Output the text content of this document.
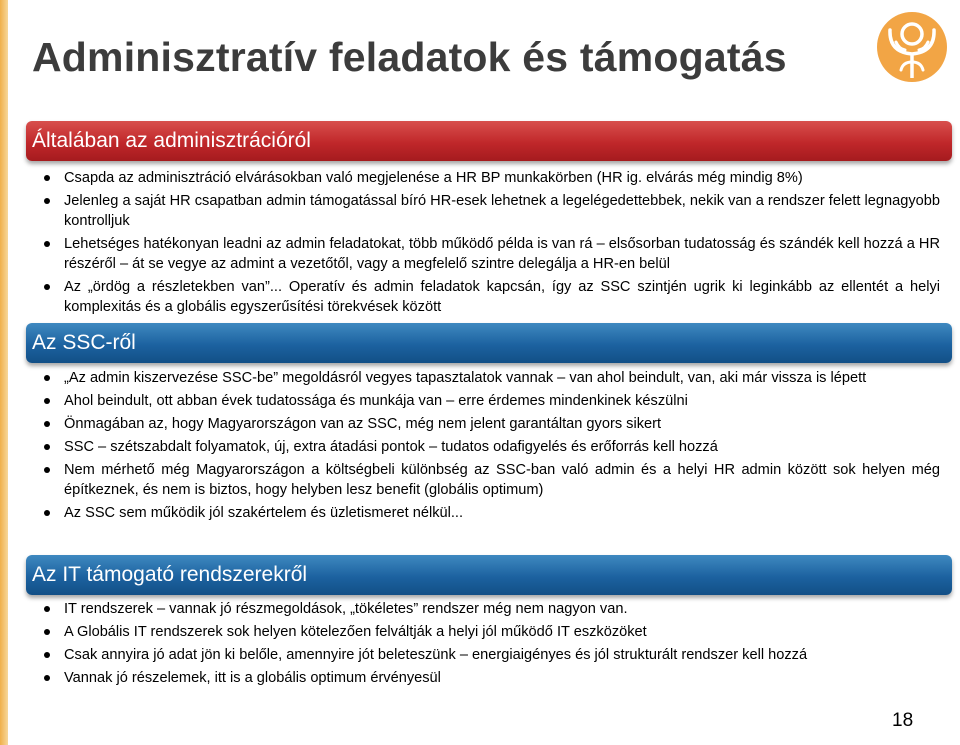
Adminisztratív feladatok és támogatás
Általában az adminisztrációról
Csapda az adminisztráció elvárásokban való megjelenése a HR BP munkakörben (HR ig. elvárás még mindig 8%)
Jelenleg a saját HR csapatban admin támogatással bíró HR-esek lehetnek a legelégedettebbek, nekik van a rendszer felett legnagyobb kontrolljuk
Lehetséges hatékonyan leadni az admin feladatokat, több működő példa is van rá – elsősorban tudatosság és szándék kell hozzá a HR részéről – át se vegye az admint a vezetőtől, vagy a megfelelő szintre delegálja a HR-en belül
Az „ördög a részletekben van”... Operatív és admin feladatok kapcsán, így az SSC szintjén ugrik ki leginkább az ellentét a helyi komplexitás és a globális egyszerűsítési törekvések között
Az SSC-ről
„Az admin kiszervezése SSC-be” megoldásról vegyes tapasztalatok vannak – van ahol beindult, van, aki már vissza is lépett
Ahol beindult, ott abban évek tudatossága és munkája van – erre érdemes mindenkinek készülni
Önmagában az, hogy Magyarországon van az SSC, még nem jelent garantáltan gyors sikert
SSC – szétszabdalt folyamatok, új, extra átadási pontok – tudatos odafigyelés és erőforrás kell hozzá
Nem mérhető még Magyarországon a költségbeli különbség az SSC-ban való admin és a helyi HR admin között sok helyen még építkeznek, és nem is biztos, hogy helyben lesz benefit (globális optimum)
Az SSC sem működik jól szakértelem és üzletismeret nélkül...
Az IT támogató rendszerekről
IT rendszerek – vannak jó részmegoldások, „tökéletes” rendszer még nem nagyon van.
A Globális IT rendszerek sok helyen kötelezően felváltják a helyi jól működő IT eszközöket
Csak annyira jó adat jön ki belőle, amennyire jót beleteszünk – energiaigényes és jól strukturált rendszer kell hozzá
Vannak jó részelemek, itt is a globális optimum érvényesül
18
